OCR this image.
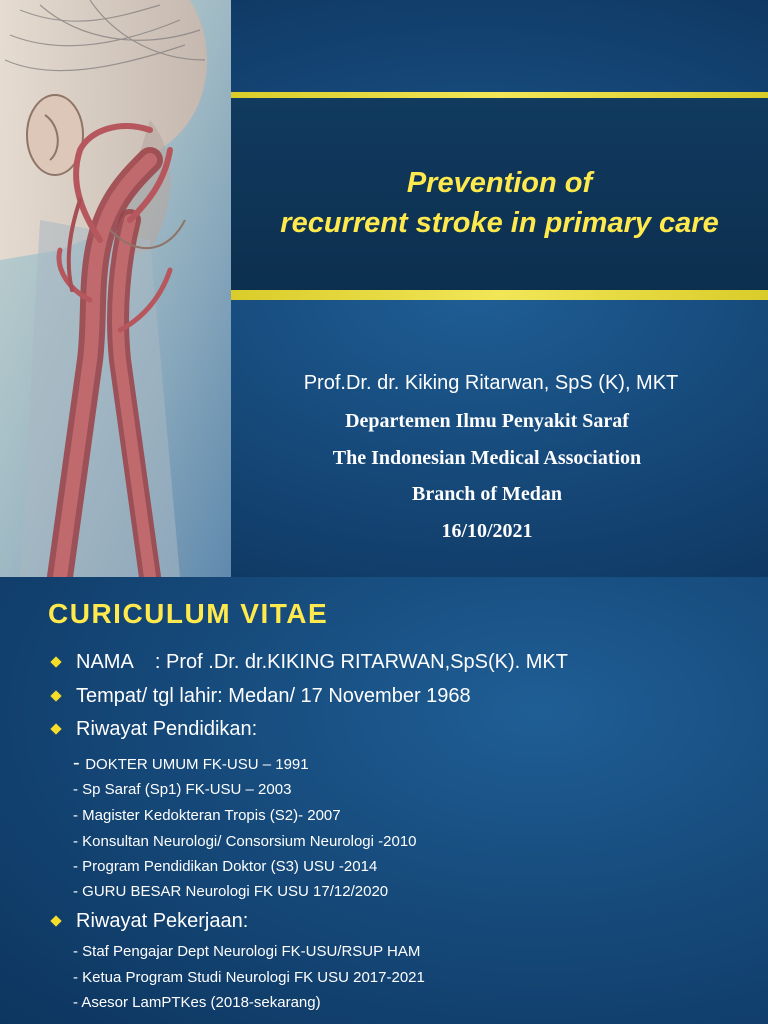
Prevention of
recurrent stroke in primary care

Prof.Dr. dr. Kiking Ritarwan, SpS (K), MKT

Departemen Ilmu Penyakit Saraf

The Indonesian Medical Association

Branch of Medan

16/10/2021

CURICULUM VITAE
NAMA    : Prof .Dr. dr.KIKING RITARWAN,SpS(K). MKT
Tempat/ tgl lahir: Medan/ 17 November 1968
Riwayat Pendidikan:
- DOKTER UMUM FK-USU – 1991
- Sp Saraf (Sp1) FK-USU – 2003
- Magister Kedokteran Tropis (S2)- 2007
- Konsultan Neurologi/ Consorsium Neurologi -2010
- Program Pendidikan Doktor (S3) USU -2014
- GURU BESAR Neurologi FK USU 17/12/2020
Riwayat Pekerjaan:
- Staf Pengajar Dept Neurologi FK-USU/RSUP HAM
- Ketua Program Studi Neurologi FK USU 2017-2021
- Asesor LamPTKes (2018-sekarang)
